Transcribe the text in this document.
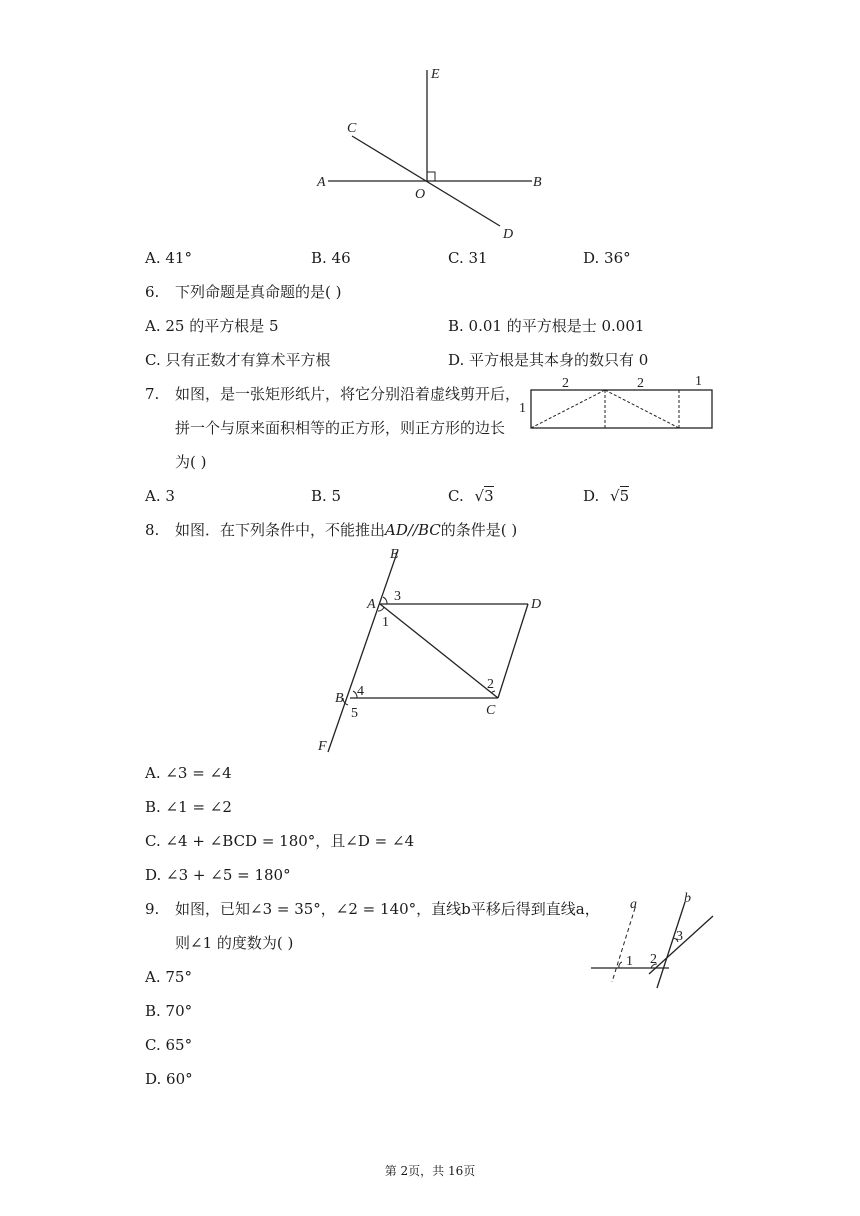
E
C
A
O
B
D
A. 41°	B. 46	C. 31	D. 36°
6. 下列命题是真命题的是( )
A. 25 的平方根是 5	B. 0.01 的平方根是士 0.001
C. 只有正数才有算术平方根	D. 平方根是其本身的数只有 0
7. 如图，是一张矩形纸片，将它分别沿着虚线剪开后，
拼一个与原来面积相等的正方形，则正方形的边长
为( )
2	2	1
1
A. 3	B. 5	C. √3	D. √5
8. 如图．在下列条件中，不能推出AD//BC的条件是( )
E
A
3
D
1
2
B 4
C
5
F
A. ∠3 = ∠4
B. ∠1 = ∠2
C. ∠4 + ∠BCD = 180°，且∠D = ∠4
D. ∠3 + ∠5 = 180°
9. 如图，已知∠3 = 35°，∠2 = 140°，直线b平移后得到直线a，
则∠1 的度数为( )
a	b
1 2
3
A. 75°
B. 70°
C. 65°
D. 60°
第 2页，共 16页
